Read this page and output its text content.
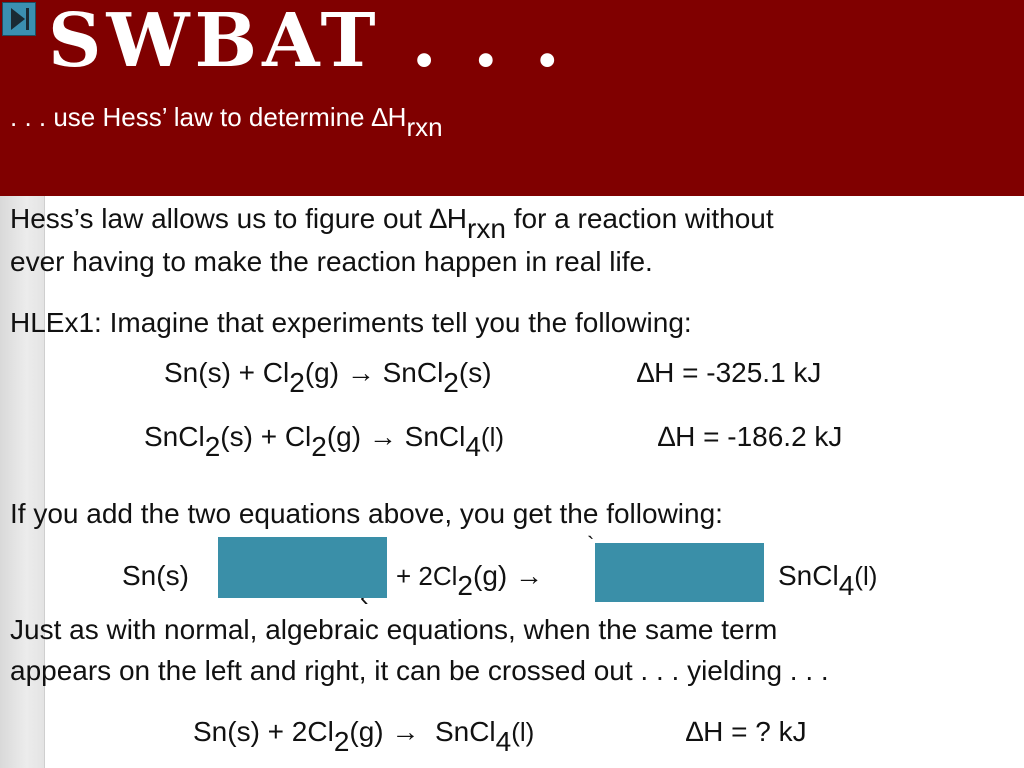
SWBAT . . .
. . . use Hess’ law to determine ∆Hrxn
Hess’s law allows us to figure out ∆Hrxn for a reaction without
ever having to make the reaction happen in real life.
HLEx1: Imagine that experiments tell you the following:
Sn(s) + Cl2(g) → SnCl2(s)	∆H = -325.1 kJ
SnCl2(s) + Cl2(g) → SnCl4(l)	∆H = -186.2 kJ
If you add the two equations above, you get the following:
Sn(s)	+ 2Cl2(g) →
`
SnCl4(l)
Just as with normal, algebraic equations, when the same term
appears on the left and right, it can be crossed out . . . yielding . . .
Sn(s) + 2Cl2(g) →  SnCl4(l)	∆H = ? kJ
